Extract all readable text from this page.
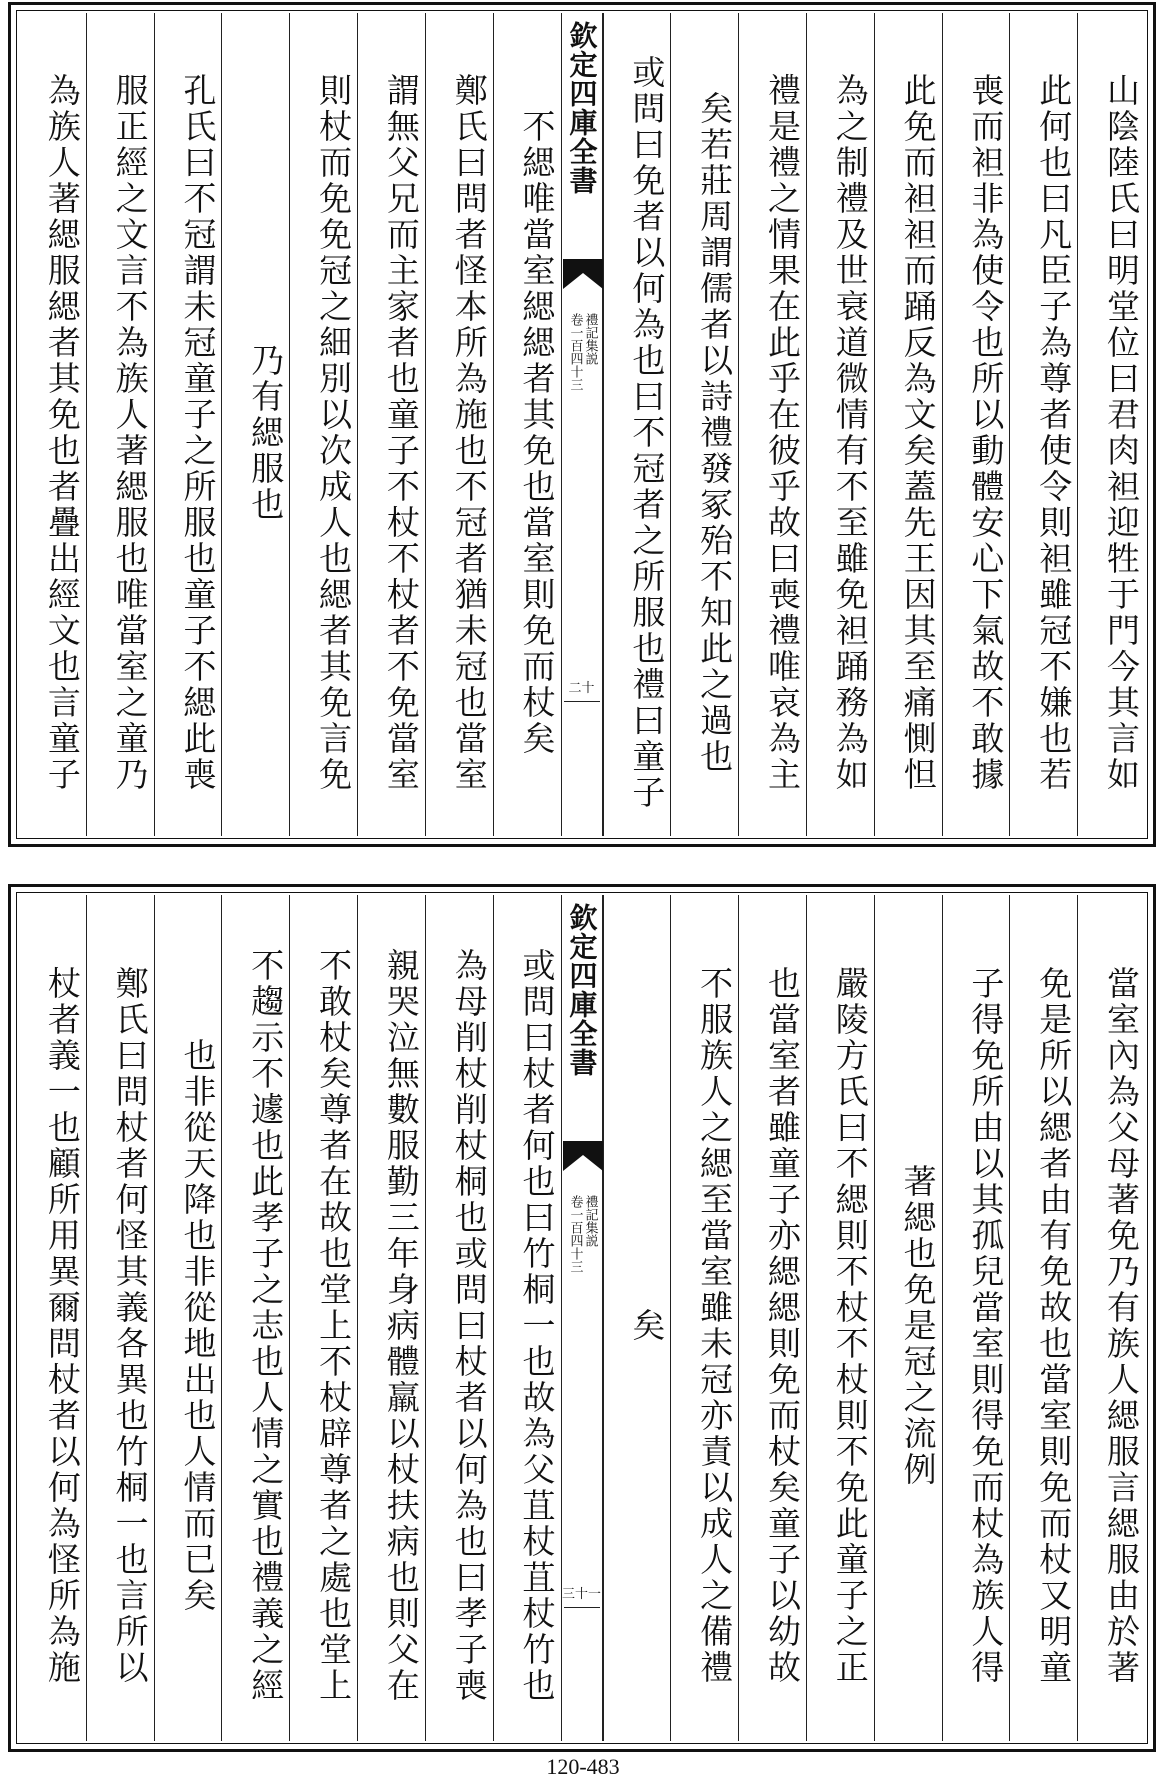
山陰陸氏曰明堂位曰君肉袒迎牲于門今其言如
此何也曰凡臣子為尊者使令則袒雖冠不嫌也若
喪而袒非為使令也所以動體安心下氣故不敢據
此免而袒袒而踊反為文矣蓋先王因其至痛惻怛
為之制禮及世衰道微情有不至雖免袒踊務為如
禮是禮之情果在此乎在彼乎故曰喪禮唯哀為主
矣若莊周謂儒者以詩禮發冢殆不知此之過也
或問曰免者以何為也曰不冠者之所服也禮曰童子
欽定四庫全書
禮記集説
卷一百四十三
二十
不緦唯當室緦緦者其免也當室則免而杖矣
鄭氏曰問者怪本所為施也不冠者猶未冠也當室
謂無父兄而主家者也童子不杖不杖者不免當室
則杖而免免冠之細別以次成人也緦者其免言免
乃有緦服也
孔氏曰不冠謂未冠童子之所服也童子不緦此喪
服正經之文言不為族人著緦服也唯當室之童乃
為族人著緦服緦者其免也者疊出經文也言童子
當室內為父母著免乃有族人緦服言緦服由於著
免是所以緦者由有免故也當室則免而杖又明童
子得免所由以其孤兒當室則得免而杖為族人得
著緦也免是冠之流例
嚴陵方氏曰不緦則不杖不杖則不免此童子之正
也當室者雖童子亦緦緦則免而杖矣童子以幼故
不服族人之緦至當室雖未冠亦責以成人之備禮
矣
欽定四庫全書
禮記集説
卷一百四十三
三十一
或問曰杖者何也曰竹桐一也故為父苴杖苴杖竹也
為母削杖削杖桐也或問曰杖者以何為也曰孝子喪
親哭泣無數服勤三年身病體羸以杖扶病也則父在
不敢杖矣尊者在故也堂上不杖辟尊者之處也堂上
不趨示不遽也此孝子之志也人情之實也禮義之經
也非從天降也非從地出也人情而已矣
鄭氏曰問杖者何怪其義各異也竹桐一也言所以
杖者義一也顧所用異爾問杖者以何為怪所為施
120-483
